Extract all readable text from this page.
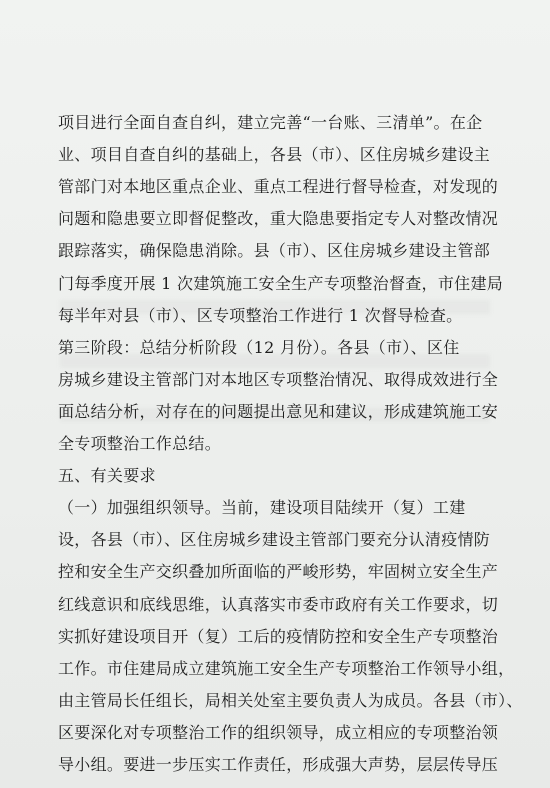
项目进行全面自查自纠，建立完善“一台账、三清单”。在企
业、项目自查自纠的基础上，各县（市）、区住房城乡建设主
管部门对本地区重点企业、重点工程进行督导检查，对发现的
问题和隐患要立即督促整改，重大隐患要指定专人对整改情况
跟踪落实，确保隐患消除。县（市）、区住房城乡建设主管部
门每季度开展 1 次建筑施工安全生产专项整治督查，市住建局
每半年对县（市）、区专项整治工作进行 1 次督导检查。
第三阶段：总结分析阶段（12 月份）。各县（市）、区住
房城乡建设主管部门对本地区专项整治情况、取得成效进行全
面总结分析，对存在的问题提出意见和建议，形成建筑施工安
全专项整治工作总结。
五、有关要求
（一）加强组织领导。当前，建设项目陆续开（复）工建
设，各县（市）、区住房城乡建设主管部门要充分认清疫情防
控和安全生产交织叠加所面临的严峻形势，牢固树立安全生产
红线意识和底线思维，认真落实市委市政府有关工作要求，切
实抓好建设项目开（复）工后的疫情防控和安全生产专项整治
工作。市住建局成立建筑施工安全生产专项整治工作领导小组，
由主管局长任组长，局相关处室主要负责人为成员。各县（市）、
区要深化对专项整治工作的组织领导，成立相应的专项整治领
导小组。要进一步压实工作责任，形成强大声势，层层传导压
